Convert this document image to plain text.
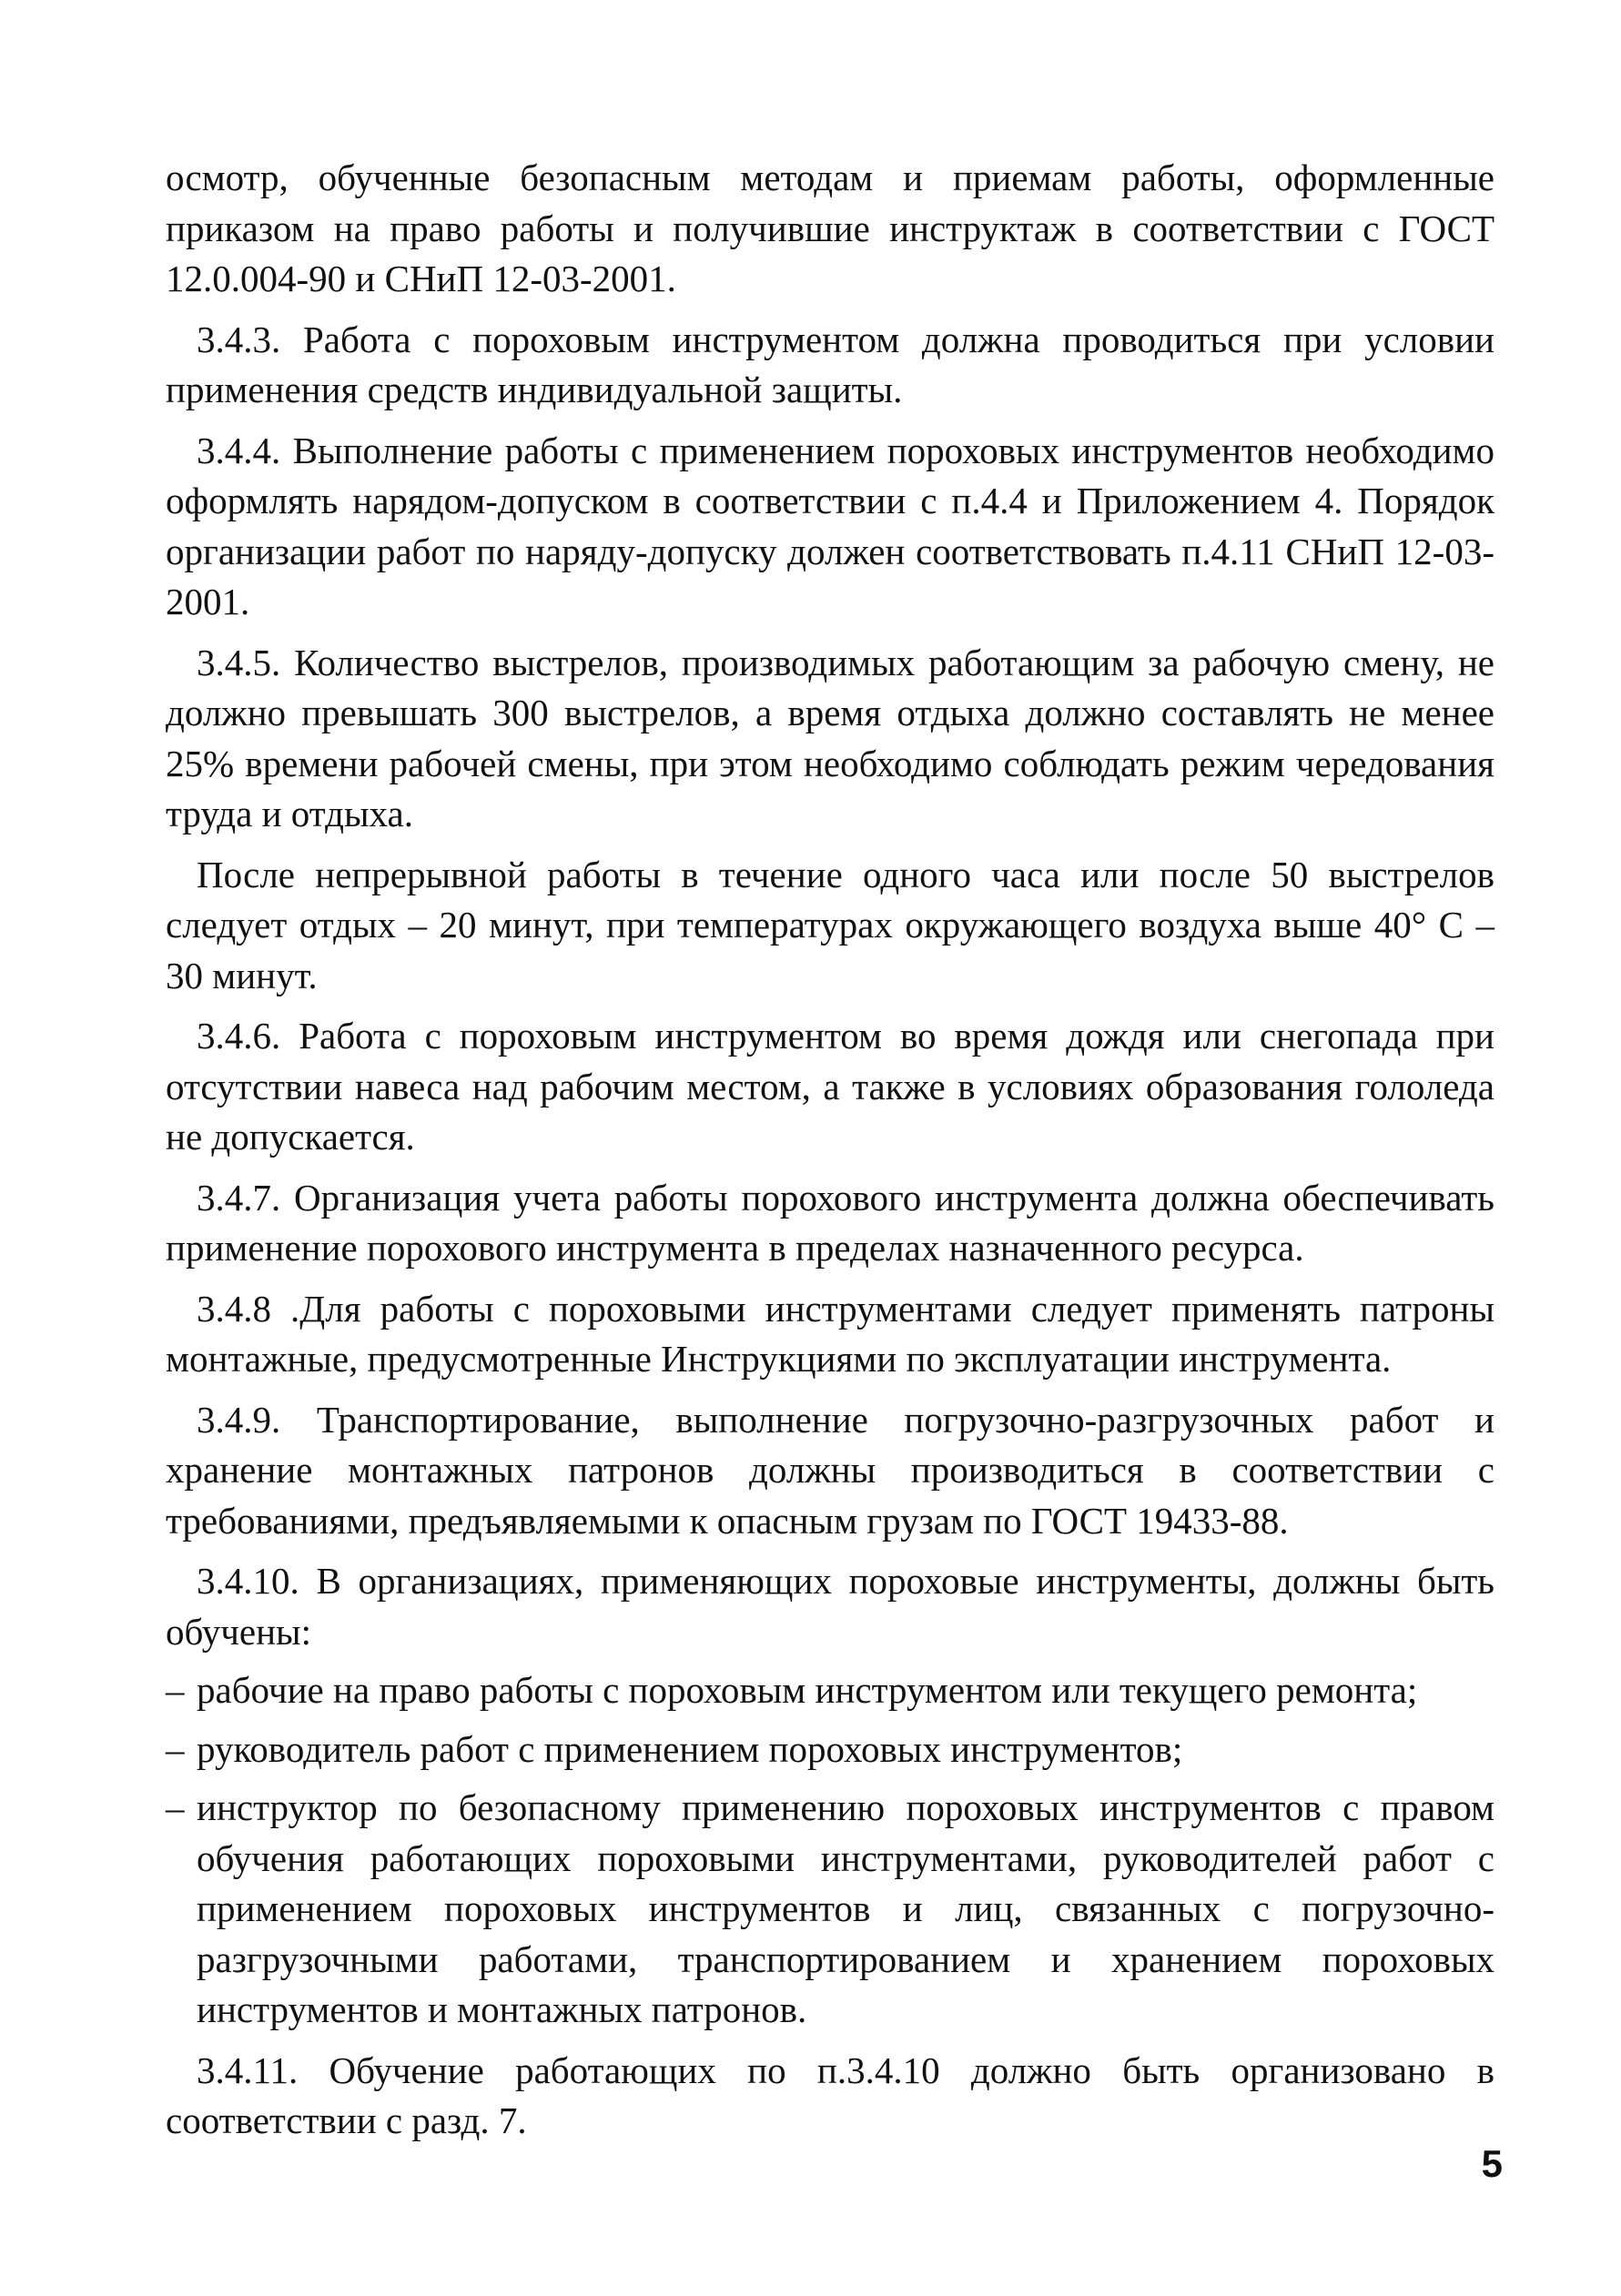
осмотр, обученные безопасным методам и приемам работы, оформленные приказом на право работы и получившие инструктаж в соответствии с ГОСТ 12.0.004-90 и СНиП 12-03-2001.

3.4.3. Работа с пороховым инструментом должна проводиться при условии применения средств индивидуальной защиты.

3.4.4. Выполнение работы с применением пороховых инструментов необходимо оформлять нарядом-допуском в соответствии с п.4.4 и Приложением 4. Порядок организации работ по наряду-допуску должен соответствовать п.4.11 СНиП 12-03-2001.

3.4.5. Количество выстрелов, производимых работающим за рабочую смену, не должно превышать 300 выстрелов, а время отдыха должно составлять не менее 25% времени рабочей смены, при этом необходимо соблюдать режим чередования труда и отдыха.

После непрерывной работы в течение одного часа или после 50 выстрелов следует отдых – 20 минут, при температурах окружающего воздуха выше 40° С – 30 минут.

3.4.6. Работа с пороховым инструментом во время дождя или снегопада при отсутствии навеса над рабочим местом, а также в условиях образования гололеда не допускается.

3.4.7. Организация учета работы порохового инструмента должна обеспечивать применение порохового инструмента в пределах назначенного ресурса.

3.4.8 .Для работы с пороховыми инструментами следует применять патроны монтажные, предусмотренные Инструкциями по эксплуатации инструмента.

3.4.9. Транспортирование, выполнение погрузочно-разгрузочных работ и хранение монтажных патронов должны производиться в соответствии с требованиями, предъявляемыми к опасным грузам по ГОСТ 19433-88.

3.4.10. В организациях, применяющих пороховые инструменты, должны быть обучены:

– рабочие на право работы с пороховым инструментом или текущего ремонта;
– руководитель работ с применением пороховых инструментов;
– инструктор по безопасному применению пороховых инструментов с правом обучения работающих пороховыми инструментами, руководителей работ с применением пороховых инструментов и лиц, связанных с погрузочно-разгрузочными работами, транспортированием и хранением пороховых инструментов и монтажных патронов.

3.4.11. Обучение работающих по п.3.4.10 должно быть организовано в соответствии с разд. 7.

5
